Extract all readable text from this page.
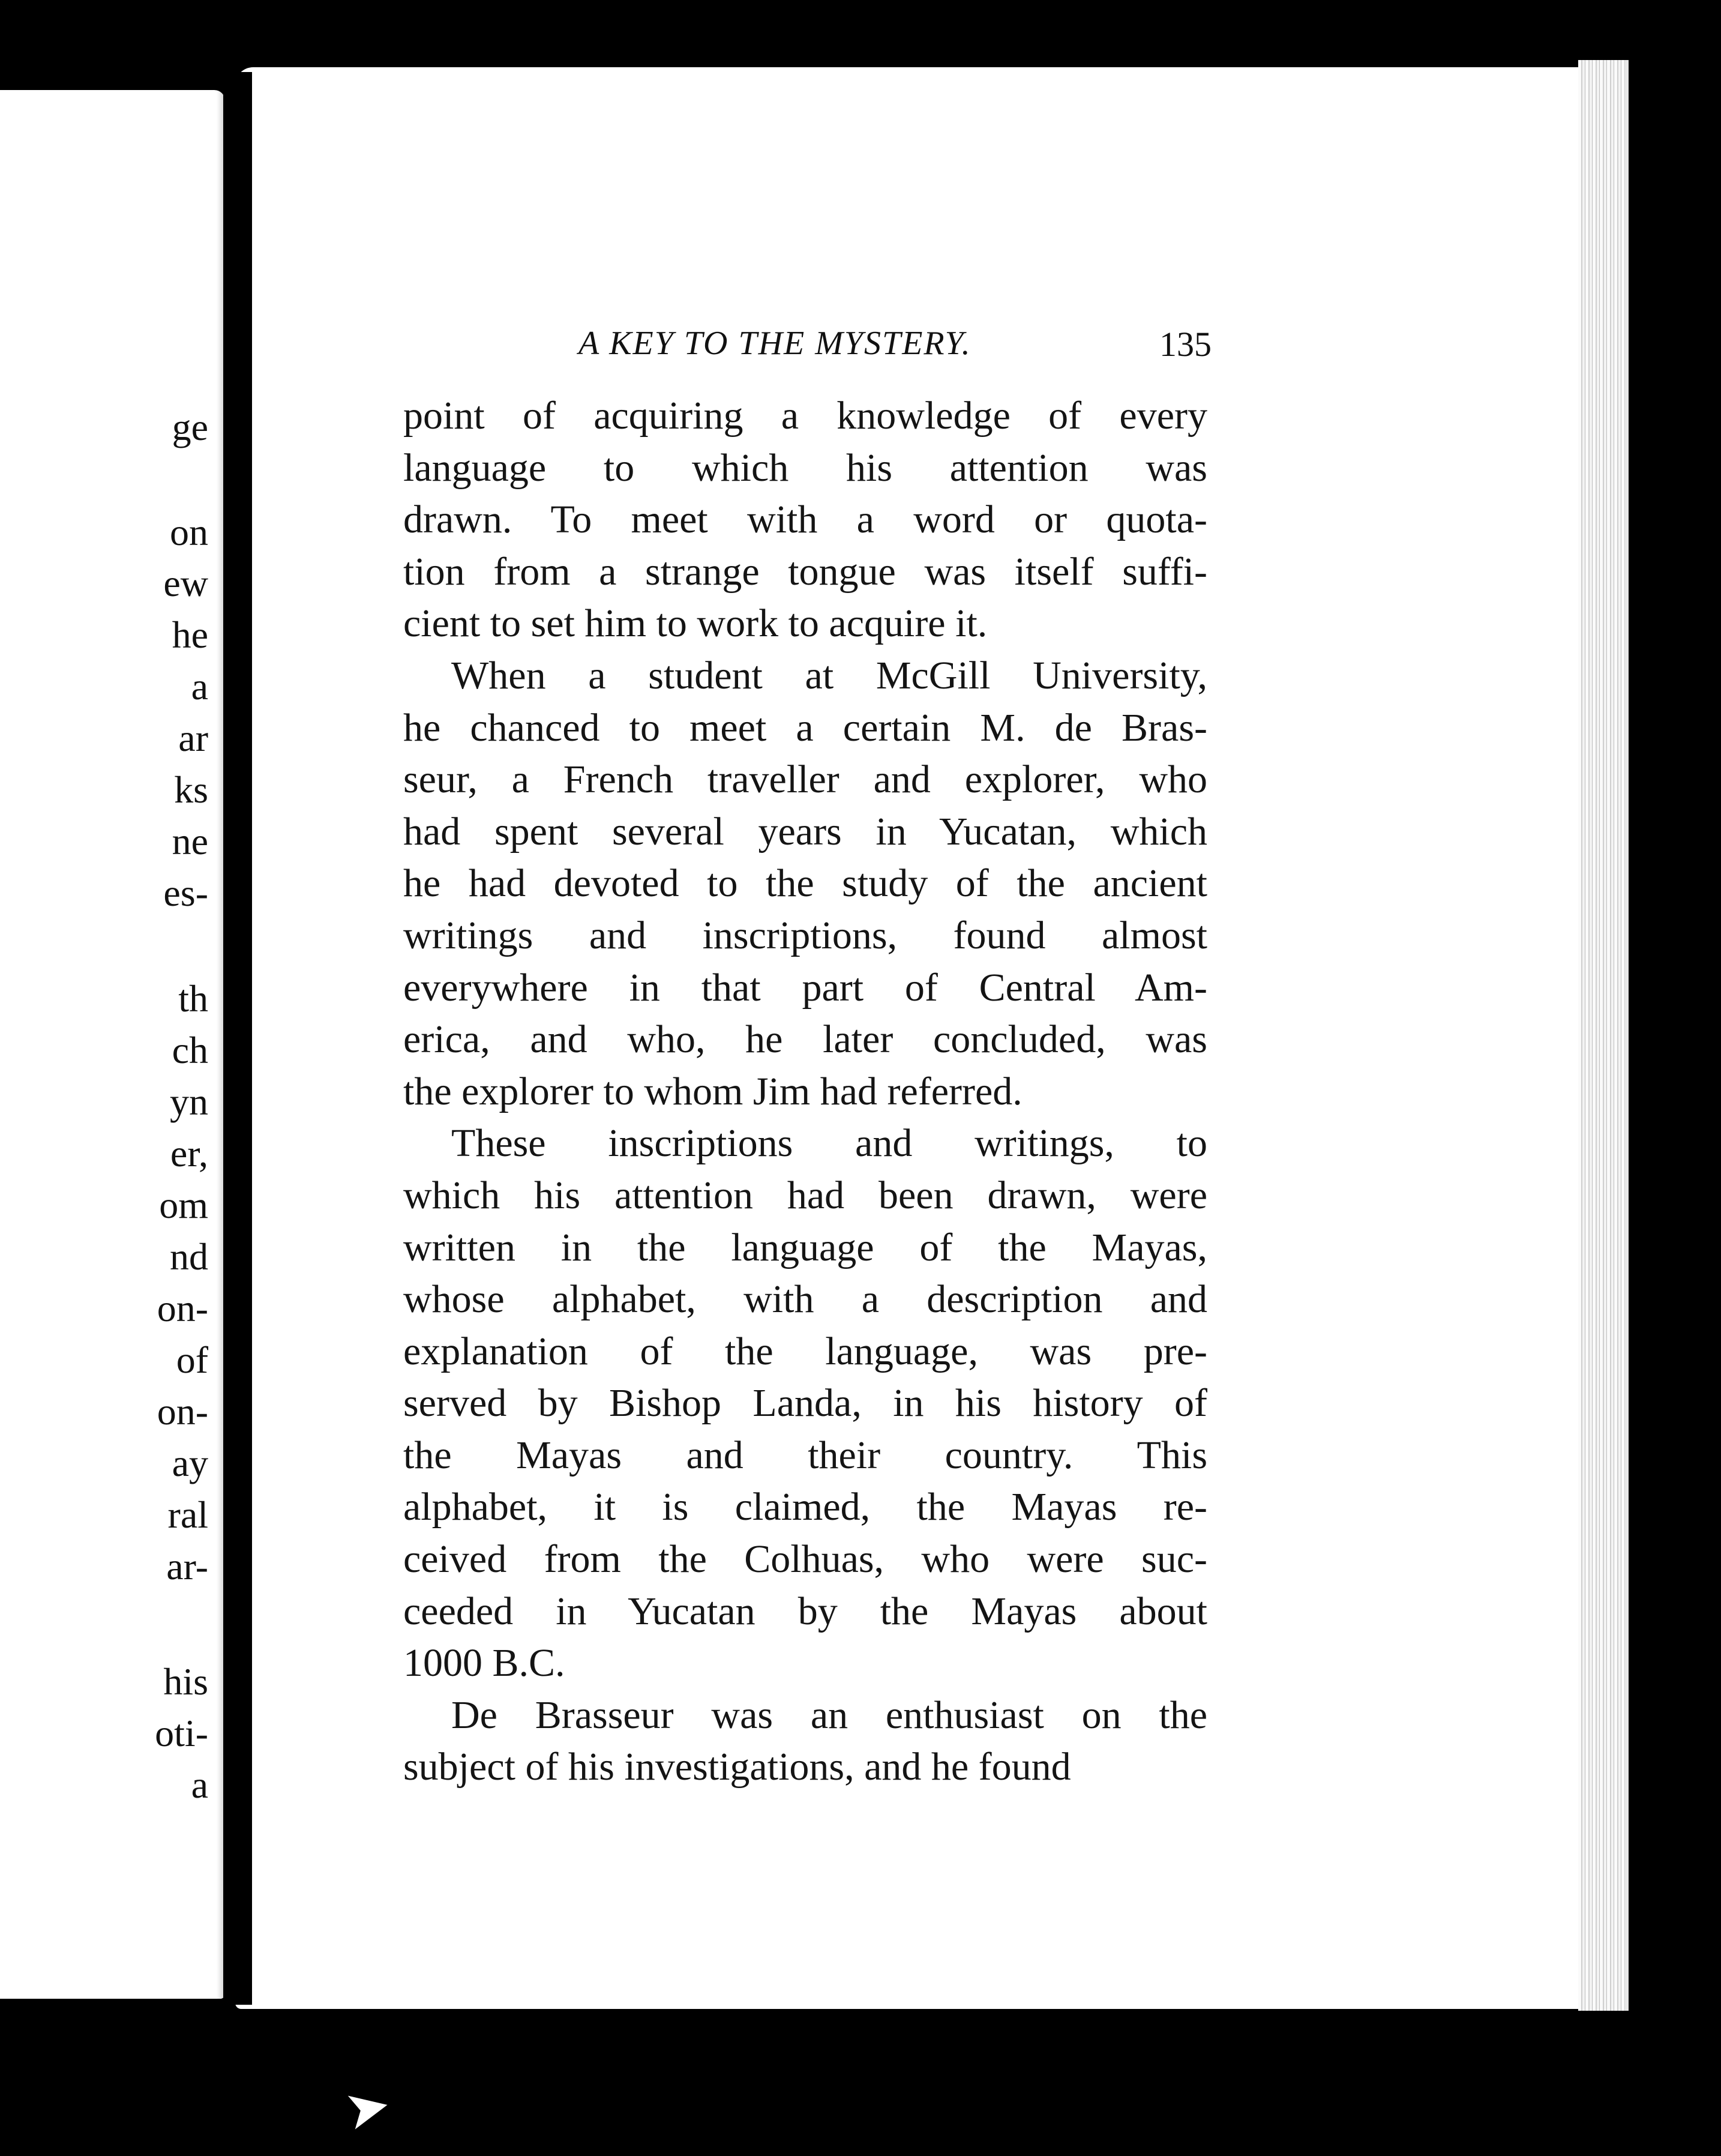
ge
on
ew
he
a
ar
ks
ne
es-
th
ch
yn
er,
om
nd
on-
of
on-
ay
ral
ar-
his
oti-
a
A KEY TO THE MYSTERY.	135
point of acquiring a knowledge of every
language to which his attention was
drawn. To meet with a word or quota-
tion from a strange tongue was itself suffi-
cient to set him to work to acquire it.
When a student at McGill University,
he chanced to meet a certain M. de Bras-
seur, a French traveller and explorer, who
had spent several years in Yucatan, which
he had devoted to the study of the ancient
writings and inscriptions, found almost
everywhere in that part of Central Am-
erica, and who, he later concluded, was
the explorer to whom Jim had referred.
These inscriptions and writings, to
which his attention had been drawn, were
written in the language of the Mayas,
whose alphabet, with a description and
explanation of the language, was pre-
served by Bishop Landa, in his history of
the Mayas and their country. This
alphabet, it is claimed, the Mayas re-
ceived from the Colhuas, who were suc-
ceeded in Yucatan by the Mayas about
1000 B.C.
De Brasseur was an enthusiast on the
subject of his investigations, and he found
➤
